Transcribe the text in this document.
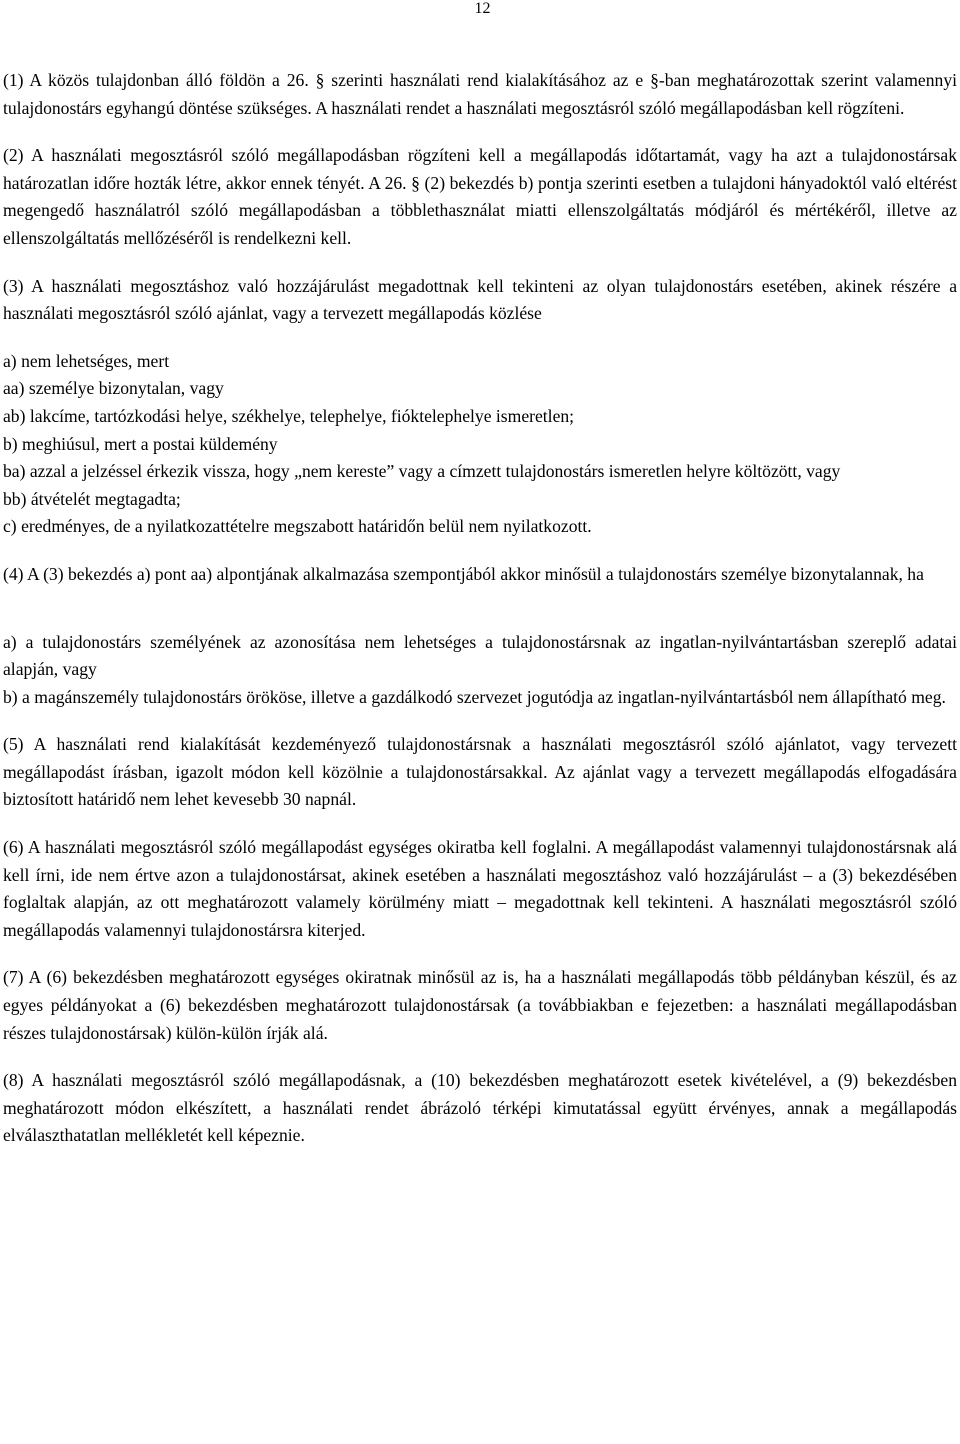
12

(1) A közös tulajdonban álló földön a 26. § szerinti használati rend kialakításához az e §-ban meghatározottak szerint valamennyi tulajdonostárs egyhangú döntése szükséges. A használati rendet a használati megosztásról szóló megállapodásban kell rögzíteni.

(2) A használati megosztásról szóló megállapodásban rögzíteni kell a megállapodás időtartamát, vagy ha azt a tulajdonostársak határozatlan időre hozták létre, akkor ennek tényét. A 26. § (2) bekezdés b) pontja szerinti esetben a tulajdoni hányadoktól való eltérést megengedő használatról szóló megállapodásban a többlethasználat miatti ellenszolgáltatás módjáról és mértékéről, illetve az ellenszolgáltatás mellőzéséről is rendelkezni kell.

(3) A használati megosztáshoz való hozzájárulást megadottnak kell tekinteni az olyan tulajdonostárs esetében, akinek részére a használati megosztásról szóló ajánlat, vagy a tervezett megállapodás közlése

a) nem lehetséges, mert

aa) személye bizonytalan, vagy

ab) lakcíme, tartózkodási helye, székhelye, telephelye, fióktelephelye ismeretlen;

b) meghiúsul, mert a postai küldemény

ba) azzal a jelzéssel érkezik vissza, hogy „nem kereste” vagy a címzett tulajdonostárs ismeretlen helyre költözött, vagy

bb) átvételét megtagadta;

c) eredményes, de a nyilatkozattételre megszabott határidőn belül nem nyilatkozott.

(4) A (3) bekezdés a) pont aa) alpontjának alkalmazása szempontjából akkor minősül a tulajdonostárs személye bizonytalannak, ha

a) a tulajdonostárs személyének az azonosítása nem lehetséges a tulajdonostársnak az ingatlan-nyilvántartásban szereplő adatai alapján, vagy

b) a magánszemély tulajdonostárs örököse, illetve a gazdálkodó szervezet jogutódja az ingatlan-nyilvántartásból nem állapítható meg.

(5) A használati rend kialakítását kezdeményező tulajdonostársnak a használati megosztásról szóló ajánlatot, vagy tervezett megállapodást írásban, igazolt módon kell közölnie a tulajdonostársakkal. Az ajánlat vagy a tervezett megállapodás elfogadására biztosított határidő nem lehet kevesebb 30 napnál.

(6) A használati megosztásról szóló megállapodást egységes okiratba kell foglalni. A megállapodást valamennyi tulajdonostársnak alá kell írni, ide nem értve azon a tulajdonostársat, akinek esetében a használati megosztáshoz való hozzájárulást – a (3) bekezdésében foglaltak alapján, az ott meghatározott valamely körülmény miatt – megadottnak kell tekinteni. A használati megosztásról szóló megállapodás valamennyi tulajdonostársra kiterjed.

(7) A (6) bekezdésben meghatározott egységes okiratnak minősül az is, ha a használati megállapodás több példányban készül, és az egyes példányokat a (6) bekezdésben meghatározott tulajdonostársak (a továbbiakban e fejezetben: a használati megállapodásban részes tulajdonostársak) külön-külön írják alá.

(8) A használati megosztásról szóló megállapodásnak, a (10) bekezdésben meghatározott esetek kivételével, a (9) bekezdésben meghatározott módon elkészített, a használati rendet ábrázoló térképi kimutatással együtt érvényes, annak a megállapodás elválaszthatatlan mellékletét kell képeznie.
